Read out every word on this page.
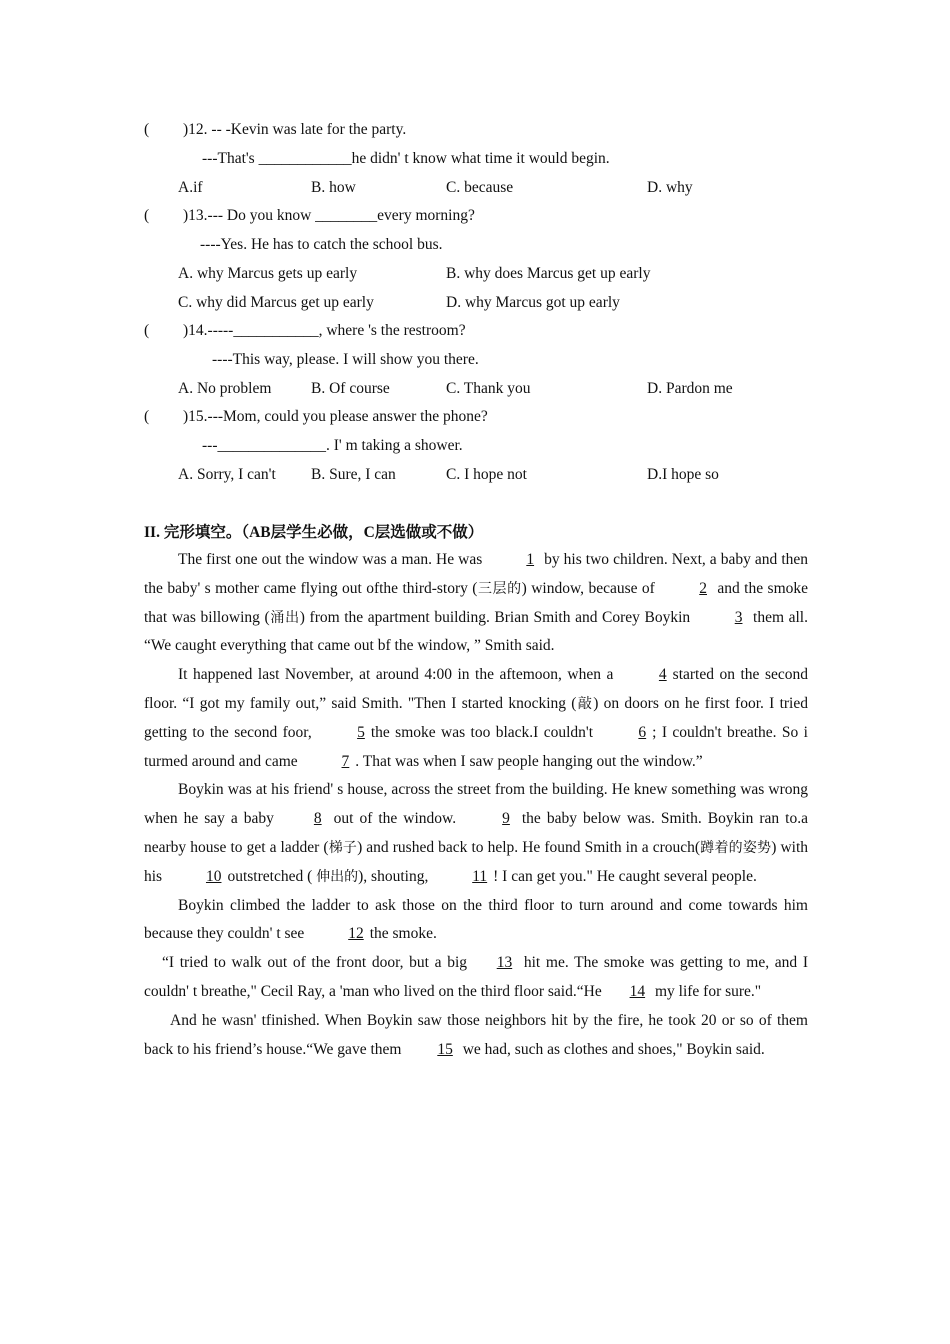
( )12. -- -Kevin was late for the party.
---That's ____________he didn' t know what time it would begin.
A.if	B. how	C. because	D. why
( )13.--- Do you know ________every morning?
----Yes. He has to catch the school bus.
A. why Marcus gets up early	B. why does Marcus get up early
C. why did Marcus get up early	D. why Marcus got up early
( )14.-----___________, where 's the restroom?
----This way, please. I will show you there.
A. No problem	B. Of course	C. Thank you	D. Pardon me
( )15.---Mom, could you please answer the phone?
---______________. I' m taking a shower.
A. Sorry, I can't B. Sure, I can	C. I hope not	D.I hope so
II. 完形填空。（AB层学生必做，C层选做或不做）

The first one out the window was a man. He was	1 by his two children. Next, a baby and then the baby' s mother came flying out ofthe third-story (三层的) window, because of	2 and the smoke that was billowing (涌出) from the apartment building. Brian Smith and Corey Boykin	3 them all. “We caught everything that came out bf the window, ” Smith said.

It happened last November, at around 4:00 in the aftemoon, when a	4 started on the second floor. “I got my family out,” said Smith. "Then I started knocking (敲) on doors on he first foor. I tried getting to the second foor,	5 the smoke was too black.I couldn't	6 ; I couldn't breathe. So i turmed around and came	7 . That was when I saw people hanging out the window.”

Boykin was at his friend' s house, across the street from the building. He knew something was wrong when he say a baby	8 out of the window.	9 the baby below was. Smith. Boykin ran to.a nearby house to get a ladder (梯子) and rushed back to help. He found Smith in a crouch(蹲着的姿势) with his	10 outstretched ( 伸出的), shouting,	11 ! I can get you." He caught several people.

Boykin climbed the ladder to ask those on the third floor to turn around and come towards him because they couldn' t see	12 the smoke.

“I tried to walk out of the front door, but a big 13 hit me. The smoke was getting to me, and I couldn' t breathe," Cecil Ray, a 'man who lived on the third floor said.“He 14 my life for sure."

And he wasn' tfinished. When Boykin saw those neighbors hit by the fire, he took 20 or so of them back to his friend’s house.“We gave them 15 we had, such as clothes and shoes," Boykin said.
